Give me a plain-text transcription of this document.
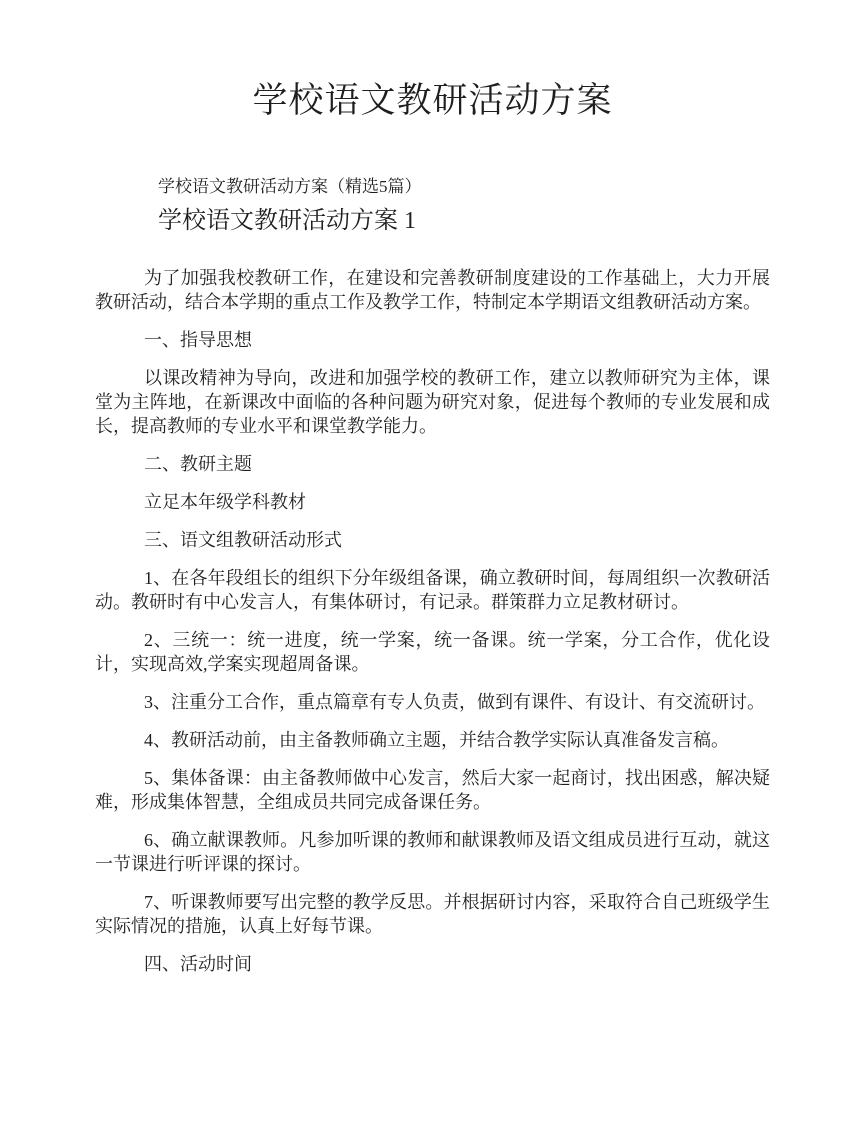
学校语文教研活动方案

学校语文教研活动方案（精选5篇）

学校语文教研活动方案 1

为了加强我校教研工作，在建设和完善教研制度建设的工作基础上，大力开展教研活动，结合本学期的重点工作及教学工作，特制定本学期语文组教研活动方案。

一、指导思想

以课改精神为导向，改进和加强学校的教研工作，建立以教师研究为主体，课堂为主阵地，在新课改中面临的各种问题为研究对象，促进每个教师的专业发展和成长，提高教师的专业水平和课堂教学能力。

二、教研主题

立足本年级学科教材

三、语文组教研活动形式

1、在各年段组长的组织下分年级组备课，确立教研时间，每周组织一次教研活动。教研时有中心发言人，有集体研讨，有记录。群策群力立足教材研讨。

2、三统一：统一进度，统一学案，统一备课。统一学案，分工合作，优化设计，实现高效,学案实现超周备课。

3、注重分工合作，重点篇章有专人负责，做到有课件、有设计、有交流研讨。

4、教研活动前，由主备教师确立主题，并结合教学实际认真准备发言稿。

5、集体备课：由主备教师做中心发言，然后大家一起商讨，找出困惑，解决疑难，形成集体智慧，全组成员共同完成备课任务。

6、确立献课教师。凡参加听课的教师和献课教师及语文组成员进行互动，就这一节课进行听评课的探讨。

7、听课教师要写出完整的教学反思。并根据研讨内容，采取符合自己班级学生实际情况的措施，认真上好每节课。

四、活动时间
